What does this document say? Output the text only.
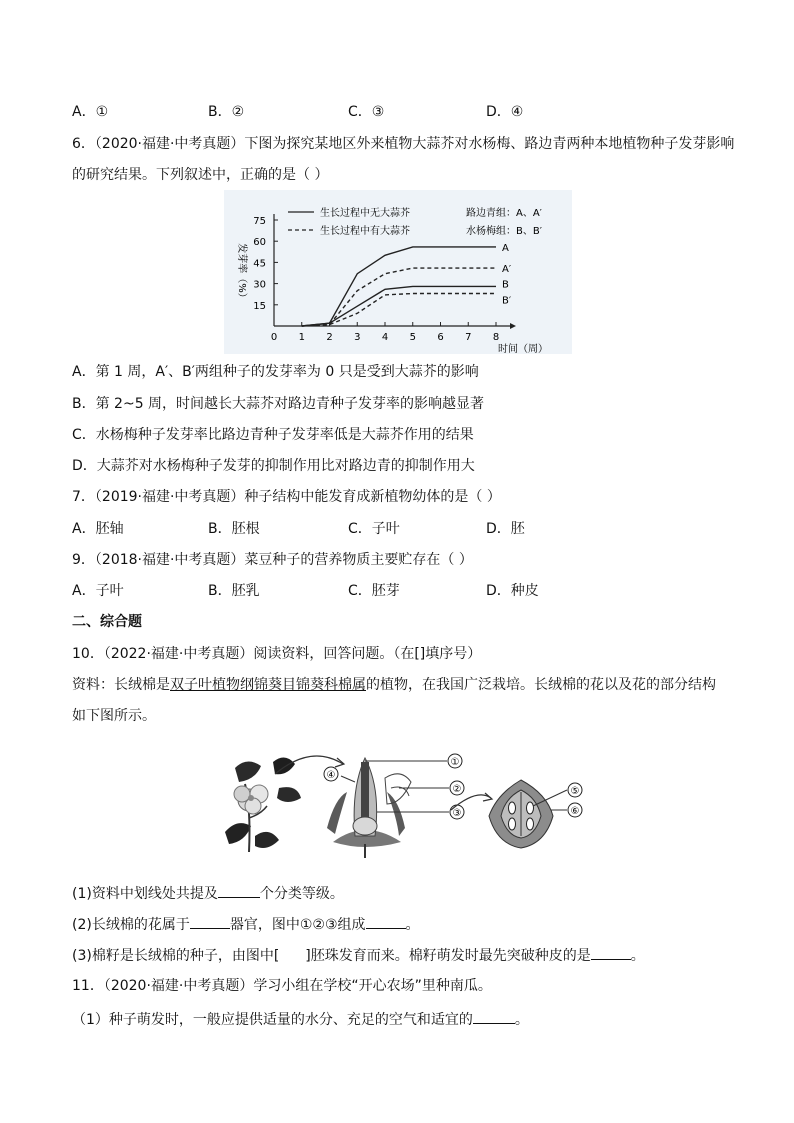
A．①	B．②	C．③	D．④
6．（2020·福建·中考真题）下图为探究某地区外来植物大蒜芥对水杨梅、路边青两种本地植物种子发芽影响
的研究结果。下列叙述中，正确的是（ ）
15
30
45
60
75
0 1 2 3 4 5 6 7 8
发芽率（%）
时间（周）
生长过程中无大蒜芥
生长过程中有大蒜芥
路边青组：A、A′
水杨梅组：B、B′
A
A′
B
B′
A．第 1 周，A′、B′两组种子的发芽率为 0 只是受到大蒜芥的影响
B．第 2~5 周，时间越长大蒜芥对路边青种子发芽率的影响越显著
C．水杨梅种子发芽率比路边青种子发芽率低是大蒜芥作用的结果
D．大蒜芥对水杨梅种子发芽的抑制作用比对路边青的抑制作用大
7．（2019·福建·中考真题）种子结构中能发育成新植物幼体的是（ ）
A．胚轴	B．胚根	C．子叶	D．胚
9．（2018·福建·中考真题）菜豆种子的营养物质主要贮存在（ ）
A．子叶	B．胚乳	C．胚芽	D．种皮
二、综合题
10．（2022·福建·中考真题）阅读资料，回答问题。（在[]填序号）
资料：长绒棉是双子叶植物纲锦葵目锦葵科棉属的植物，在我国广泛栽培。长绒棉的花以及花的部分结构
如下图所示。
①
②
③
④
⑤
⑥
(1)资料中划线处共提及	个分类等级。
(2)长绒棉的花属于	器官，图中①②③组成	。
(3)棉籽是长绒棉的种子，由图中[ ]胚珠发育而来。棉籽萌发时最先突破种皮的是	。
11．（2020·福建·中考真题）学习小组在学校“开心农场”里种南瓜。
（1）种子萌发时，一般应提供适量的水分、充足的空气和适宜的	。
